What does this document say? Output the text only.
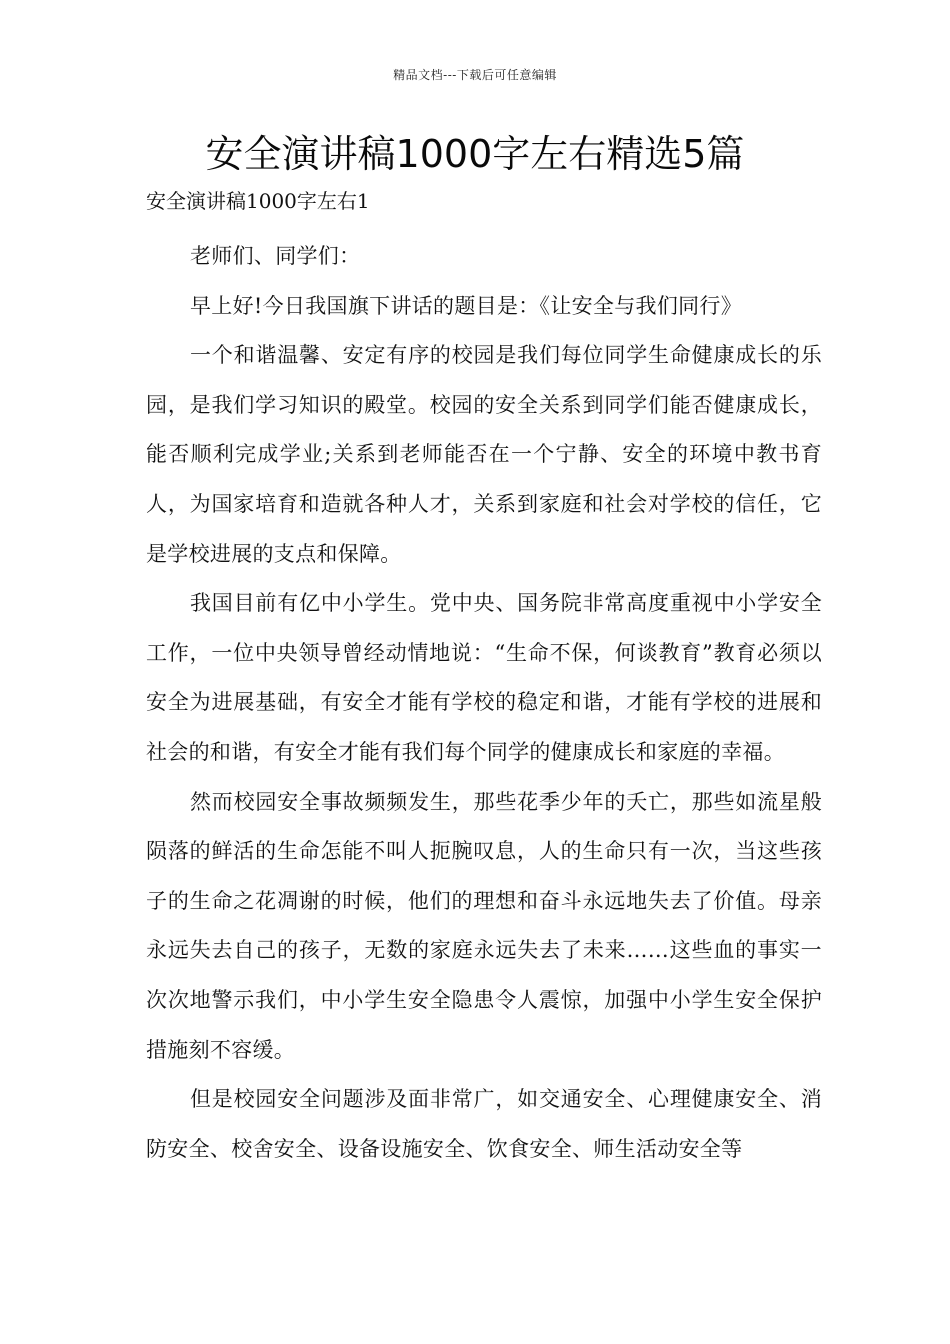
精品文档---下载后可任意编辑
安全演讲稿1000字左右精选5篇

安全演讲稿1000字左右1

老师们、同学们：

早上好!今日我国旗下讲话的题目是：《让安全与我们同行》

一个和谐温馨、安定有序的校园是我们每位同学生命健康成长的乐园，是我们学习知识的殿堂。校园的安全关系到同学们能否健康成长，能否顺利完成学业;关系到老师能否在一个宁静、安全的环境中教书育人，为国家培育和造就各种人才，关系到家庭和社会对学校的信任，它是学校进展的支点和保障。

我国目前有亿中小学生。党中央、国务院非常高度重视中小学安全工作，一位中央领导曾经动情地说：“生命不保，何谈教育”教育必须以安全为进展基础，有安全才能有学校的稳定和谐，才能有学校的进展和社会的和谐，有安全才能有我们每个同学的健康成长和家庭的幸福。

然而校园安全事故频频发生，那些花季少年的夭亡，那些如流星般陨落的鲜活的生命怎能不叫人扼腕叹息，人的生命只有一次，当这些孩子的生命之花凋谢的时候，他们的理想和奋斗永远地失去了价值。母亲永远失去自己的孩子，无数的家庭永远失去了未来……这些血的事实一次次地警示我们，中小学生安全隐患令人震惊，加强中小学生安全保护措施刻不容缓。

但是校园安全问题涉及面非常广，如交通安全、心理健康安全、消防安全、校舍安全、设备设施安全、饮食安全、师生活动安全等
